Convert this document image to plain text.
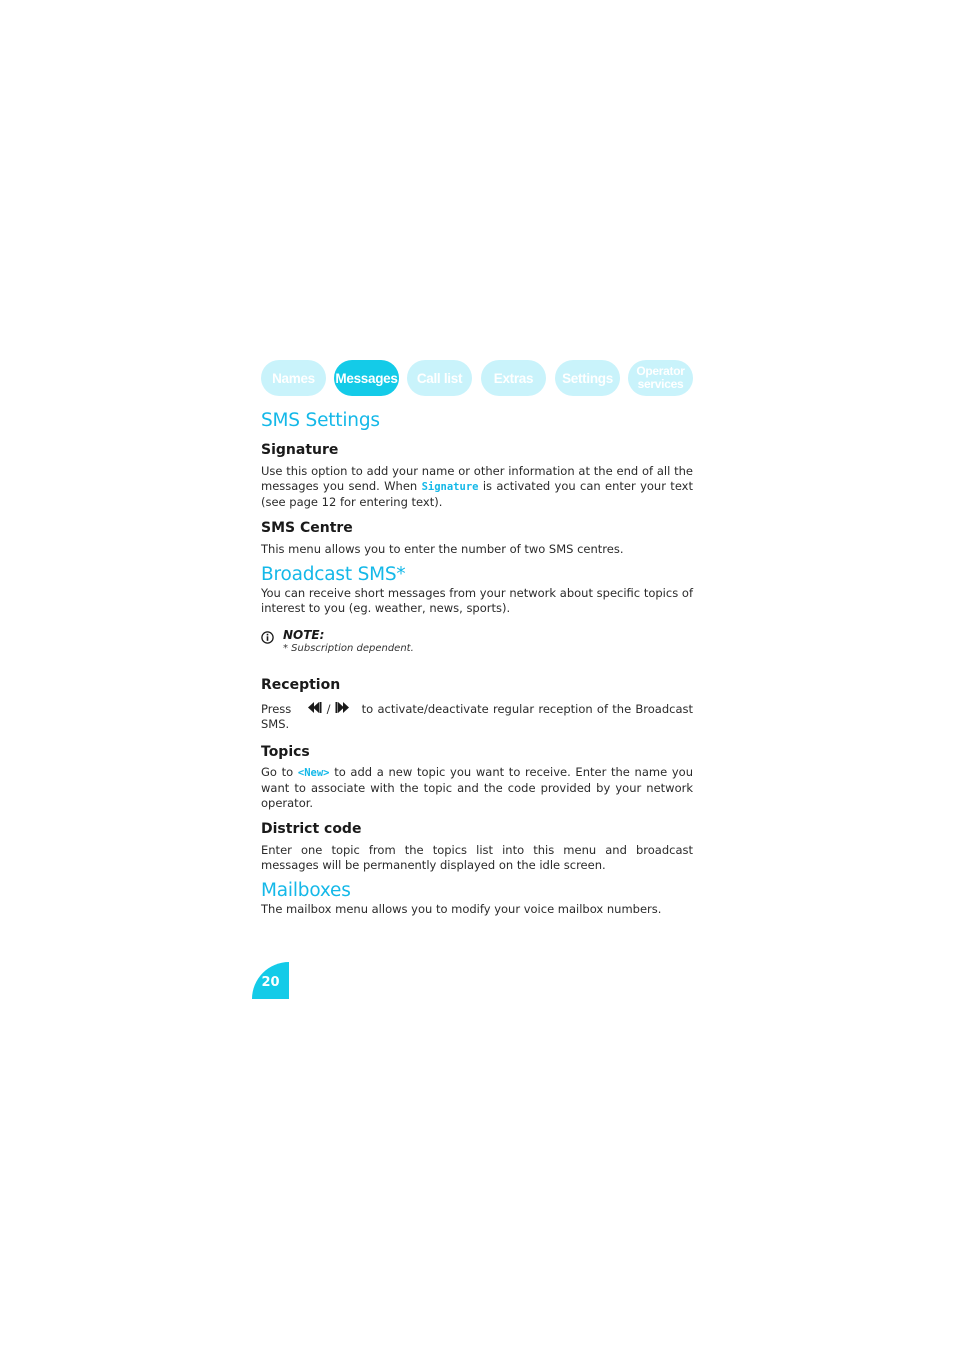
Names	Messages	Call list	Extras	Settings	Operator
services
SMS Settings
Signature

Use this option to add your name or other information at the end of all the messages you send. When Signature is activated you can enter your text (see page 12 for entering text).

SMS Centre

This menu allows you to enter the number of two SMS centres.

Broadcast SMS*

You can receive short messages from your network about specific topics of interest to you (eg. weather, news, sports).

NOTE:
* Subscription dependent.
Reception

Press	/    to activate/deactivate regular reception of the Broadcast SMS.

Topics

Go to <New> to add a new topic you want to receive. Enter the name you want to associate with the topic and the code provided by your network operator.

District code

Enter one topic from the topics list into this menu and broadcast messages will be permanently displayed on the idle screen.

Mailboxes

The mailbox menu allows you to modify your voice mailbox numbers.

20
